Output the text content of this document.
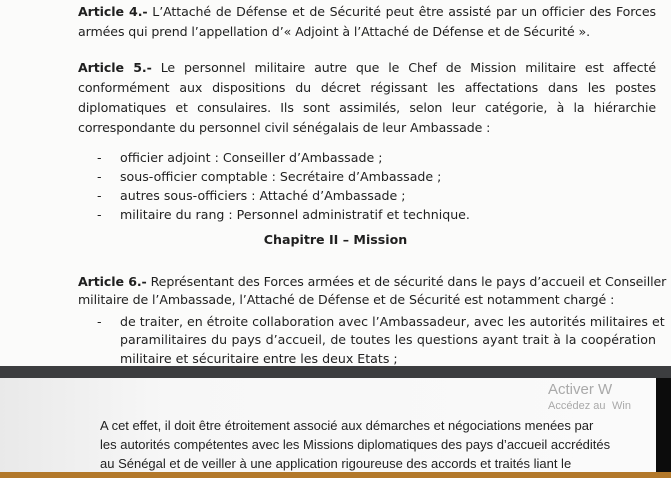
Article 4.- L’Attaché de Défense et de Sécurité peut être assisté par un officier des Forces
armées qui prend l’appellation d’« Adjoint à l’Attaché de Défense et de Sécurité ».
Article 5.- Le personnel militaire autre que le Chef de Mission militaire est affecté
conformément aux dispositions du décret régissant les affectations dans les postes
diplomatiques et consulaires. Ils sont assimilés, selon leur catégorie, à la hiérarchie
correspondante du personnel civil sénégalais de leur Ambassade :
- officier adjoint : Conseiller d’Ambassade ;
- sous-officier comptable : Secrétaire d’Ambassade ;
- autres sous-officiers : Attaché d’Ambassade ;
- militaire du rang : Personnel administratif et technique.
Chapitre II – Mission
Article 6.- Représentant des Forces armées et de sécurité dans le pays d’accueil et Conseiller
militaire de l’Ambassade, l’Attaché de Défense et de Sécurité est notamment chargé :
- de traiter, en étroite collaboration avec l’Ambassadeur, avec les autorités militaires et
paramilitaires du pays d’accueil, de toutes les questions ayant trait à la coopération
militaire et sécuritaire entre les deux Etats ;
Activer W
Accédez au Win
A cet effet, il doit être étroitement associé aux démarches et négociations menées par
les autorités compétentes avec les Missions diplomatiques des pays d’accueil accrédités
au Sénégal et de veiller à une application rigoureuse des accords et traités liant le
